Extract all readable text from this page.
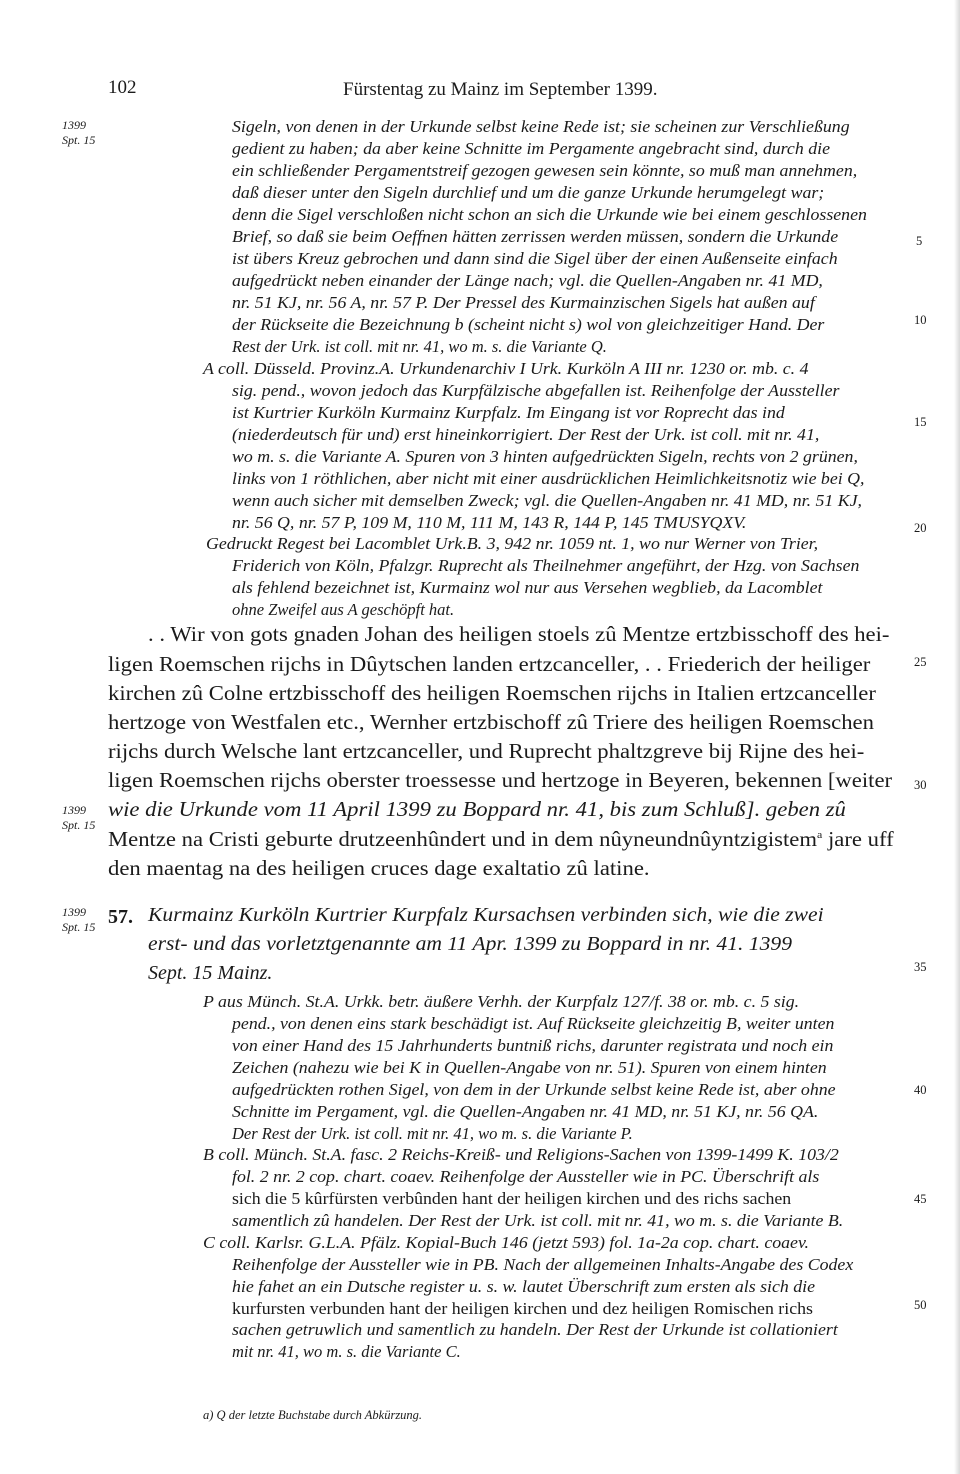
102	Fürstentag zu Mainz im September 1399.
1399
Spt. 15
1399
Spt. 15
1399
Spt. 15
5
10
15
20
25
30
35
40
45
50
Sigeln, von denen in der Urkunde selbst keine Rede ist; sie scheinen zur Verschließung
gedient zu haben; da aber keine Schnitte im Pergamente angebracht sind, durch die
ein schließender Pergamentstreif gezogen gewesen sein könnte, so muß man annehmen,
daß dieser unter den Sigeln durchlief und um die ganze Urkunde herumgelegt war;
denn die Sigel verschloßen nicht schon an sich die Urkunde wie bei einem geschlossenen
Brief, so daß sie beim Oeffnen hätten zerrissen werden müssen, sondern die Urkunde
ist übers Kreuz gebrochen und dann sind die Sigel über der einen Außenseite einfach
aufgedrückt neben einander der Länge nach; vgl. die Quellen-Angaben nr. 41 MD,
nr. 51 KJ, nr. 56 A, nr. 57 P. Der Pressel des Kurmainzischen Sigels hat außen auf
der Rückseite die Bezeichnung b (scheint nicht s) wol von gleichzeitiger Hand. Der
Rest der Urk. ist coll. mit nr. 41, wo m. s. die Variante Q.
A coll. Düsseld. Provinz.A. Urkundenarchiv I Urk. Kurköln A III nr. 1230 or. mb. c. 4
sig. pend., wovon jedoch das Kurpfälzische abgefallen ist. Reihenfolge der Aussteller
ist Kurtrier Kurköln Kurmainz Kurpfalz. Im Eingang ist vor Roprecht das ind
(niederdeutsch für und) erst hineinkorrigiert. Der Rest der Urk. ist coll. mit nr. 41,
wo m. s. die Variante A. Spuren von 3 hinten aufgedrückten Sigeln, rechts von 2 grünen,
links von 1 röthlichen, aber nicht mit einer ausdrücklichen Heimlichkeitsnotiz wie bei Q,
wenn auch sicher mit demselben Zweck; vgl. die Quellen-Angaben nr. 41 MD, nr. 51 KJ,
nr. 56 Q, nr. 57 P, 109 M, 110 M, 111 M, 143 R, 144 P, 145 TMUSYQXV.
Gedruckt Regest bei Lacomblet Urk.B. 3, 942 nr. 1059 nt. 1, wo nur Werner von Trier,
Friderich von Köln, Pfalzgr. Ruprecht als Theilnehmer angeführt, der Hzg. von Sachsen
als fehlend bezeichnet ist, Kurmainz wol nur aus Versehen wegblieb, da Lacomblet
ohne Zweifel aus A geschöpft hat.
. . Wir von gots gnaden Johan des heiligen stoels zû Mentze ertzbisschoff des hei-
ligen Roemschen rijchs in Dûytschen landen ertzcanceller, . . Friederich der heiliger
kirchen zû Colne ertzbisschoff des heiligen Roemschen rijchs in Italien ertzcanceller
hertzoge von Westfalen etc., Wernher ertzbischoff zû Triere des heiligen Roemschen
rijchs durch Welsche lant ertzcanceller, und Ruprecht phaltzgreve bij Rijne des hei-
ligen Roemschen rijchs oberster troessesse und hertzoge in Beyeren, bekennen [weiter
wie die Urkunde vom 11 April 1399 zu Boppard nr. 41, bis zum Schluß]. geben zû
Mentze na Cristi geburte drutzeenhûndert und in dem nûyneundnûyntzigistem$^a$ jare uff
den maentag na des heiligen cruces dage exaltatio zû latine.
57. Kurmainz Kurköln Kurtrier Kurpfalz Kursachsen verbinden sich, wie die zwei
erst- und das vorletztgenannte am 11 Apr. 1399 zu Boppard in nr. 41. 1399
Sept. 15 Mainz.
P aus Münch. St.A. Urkk. betr. äußere Verhh. der Kurpfalz 127/f. 38 or. mb. c. 5 sig.
pend., von denen eins stark beschädigt ist. Auf Rückseite gleichzeitig B, weiter unten
von einer Hand des 15 Jahrhunderts buntniß richs, darunter registrata und noch ein
Zeichen (nahezu wie bei K in Quellen-Angabe von nr. 51). Spuren von einem hinten
aufgedrückten rothen Sigel, von dem in der Urkunde selbst keine Rede ist, aber ohne
Schnitte im Pergament, vgl. die Quellen-Angaben nr. 41 MD, nr. 51 KJ, nr. 56 QA.
Der Rest der Urk. ist coll. mit nr. 41, wo m. s. die Variante P.
B coll. Münch. St.A. fasc. 2 Reichs-Kreiß- und Religions-Sachen von 1399-1499 K. 103/2
fol. 2 nr. 2 cop. chart. coaev. Reihenfolge der Aussteller wie in PC. Überschrift als
sich die 5 kûrfürsten verbûnden hant der heiligen kirchen und des richs sachen
samentlich zû handelen. Der Rest der Urk. ist coll. mit nr. 41, wo m. s. die Variante B.
C coll. Karlsr. G.L.A. Pfälz. Kopial-Buch 146 (jetzt 593) fol. 1a-2a cop. chart. coaev.
Reihenfolge der Aussteller wie in PB. Nach der allgemeinen Inhalts-Angabe des Codex
hie fahet an ein Dutsche register u. s. w. lautet Überschrift zum ersten als sich die
kurfursten verbunden hant der heiligen kirchen und dez heiligen Romischen richs
sachen getruwlich und samentlich zu handeln. Der Rest der Urkunde ist collationiert
mit nr. 41, wo m. s. die Variante C.
a) Q der letzte Buchstabe durch Abkürzung.
